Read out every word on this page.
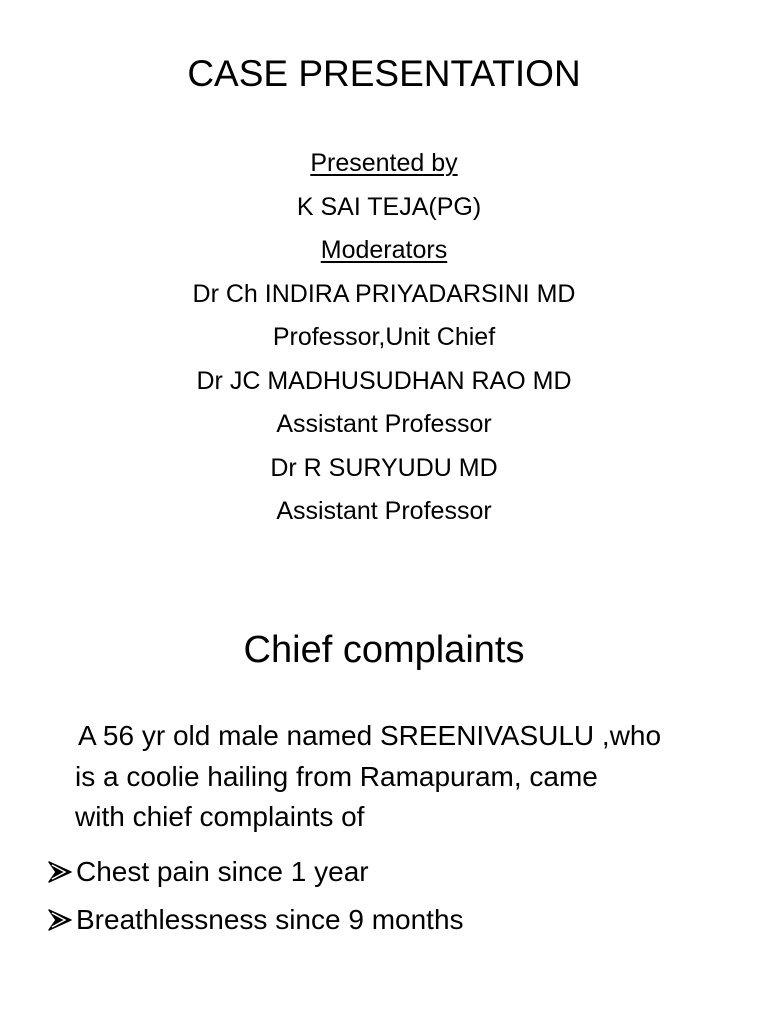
CASE PRESENTATION
Presented by
K SAI TEJA(PG)
Moderators
Dr Ch INDIRA PRIYADARSINI MD
Professor,Unit Chief
Dr JC MADHUSUDHAN RAO MD
Assistant Professor
Dr R SURYUDU MD
Assistant Professor
Chief complaints

A 56 yr old male named SREENIVASULU ,who
is a coolie hailing from Ramapuram, came
with chief complaints of

Chest pain since 1 year
Breathlessness since 9 months
